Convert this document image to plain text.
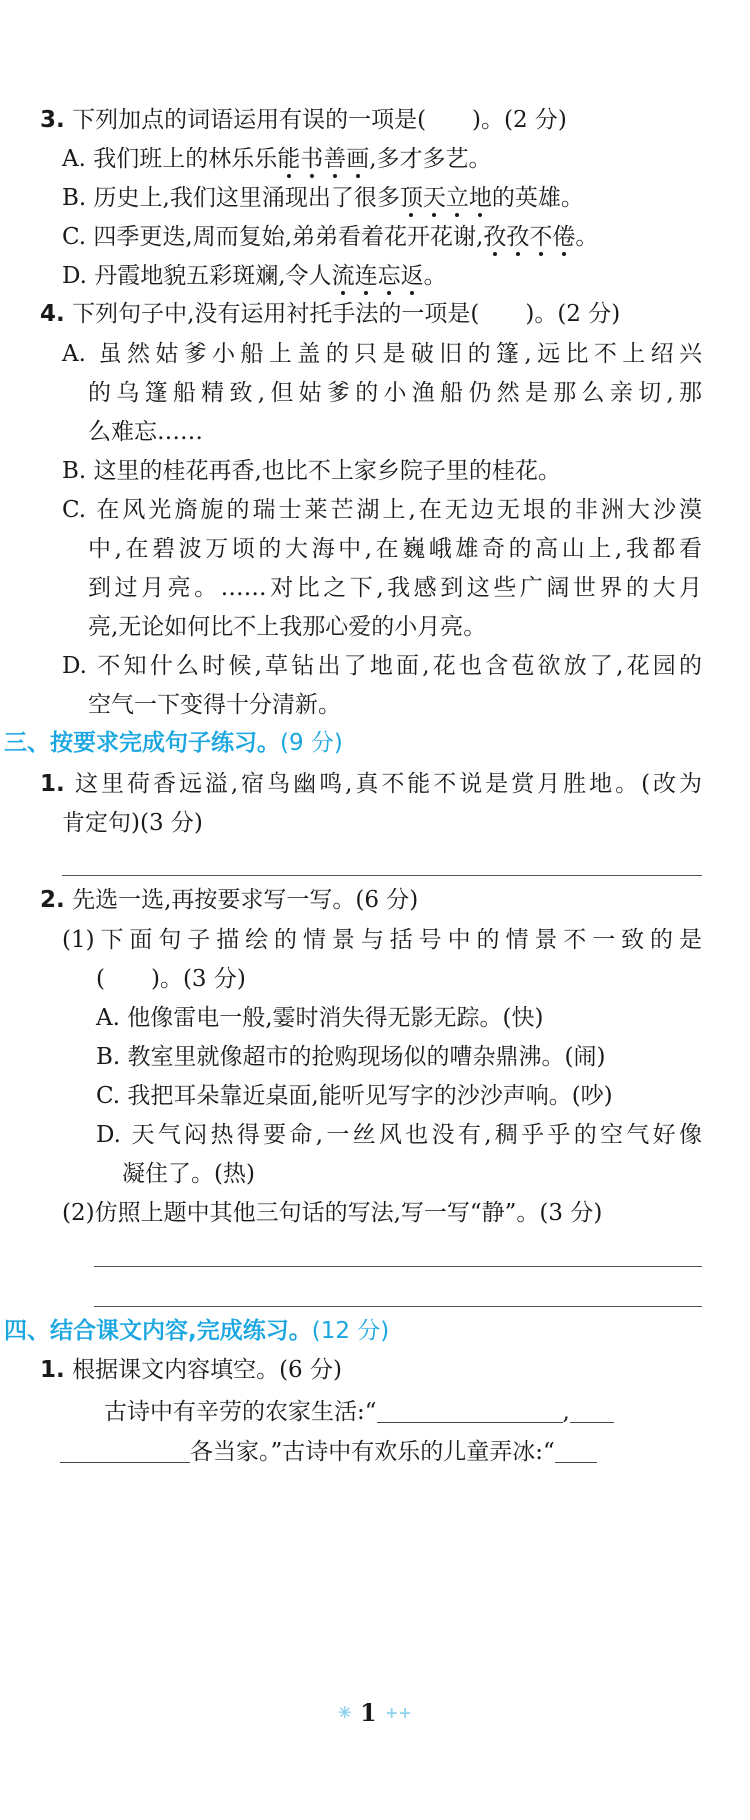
3. 下列加点的词语运用有误的一项是(　　)。(2 分)
A. 我们班上的林乐乐能书善画,多才多艺。
B. 历史上,我们这里涌现出了很多顶天立地的英雄。
C. 四季更迭,周而复始,弟弟看着花开花谢,孜孜不倦。
D. 丹霞地貌五彩斑斓,令人流连忘返。
4. 下列句子中,没有运用衬托手法的一项是(　　)。(2 分)
A. 虽然姑爹小船上盖的只是破旧的篷,远比不上绍兴
的乌篷船精致,但姑爹的小渔船仍然是那么亲切,那
么难忘……
B. 这里的桂花再香,也比不上家乡院子里的桂花。
C. 在风光旖旎的瑞士莱芒湖上,在无边无垠的非洲大沙漠
中,在碧波万顷的大海中,在巍峨雄奇的高山上,我都看
到过月亮。……对比之下,我感到这些广阔世界的大月
亮,无论如何比不上我那心爱的小月亮。
D. 不知什么时候,草钻出了地面,花也含苞欲放了,花园的
空气一下变得十分清新。
三、按要求完成句子练习。(9 分)
1. 这里荷香远溢,宿鸟幽鸣,真不能不说是赏月胜地。(改为
肯定句)(3 分)
2. 先选一选,再按要求写一写。(6 分)
(1)下面句子描绘的情景与括号中的情景不一致的是
(　　)。(3 分)
A. 他像雷电一般,霎时消失得无影无踪。(快)
B. 教室里就像超市的抢购现场似的嘈杂鼎沸。(闹)
C. 我把耳朵靠近桌面,能听见写字的沙沙声响。(吵)
D. 天气闷热得要命,一丝风也没有,稠乎乎的空气好像
凝住了。(热)
(2)仿照上题中其他三句话的写法,写一写“静”。(3 分)
四、结合课文内容,完成练习。(12 分)
1. 根据课文内容填空。(6 分)
古诗中有辛劳的农家生活:“	,
各当家。”古诗中有欢乐的儿童弄冰:“
✳ 1 ++
